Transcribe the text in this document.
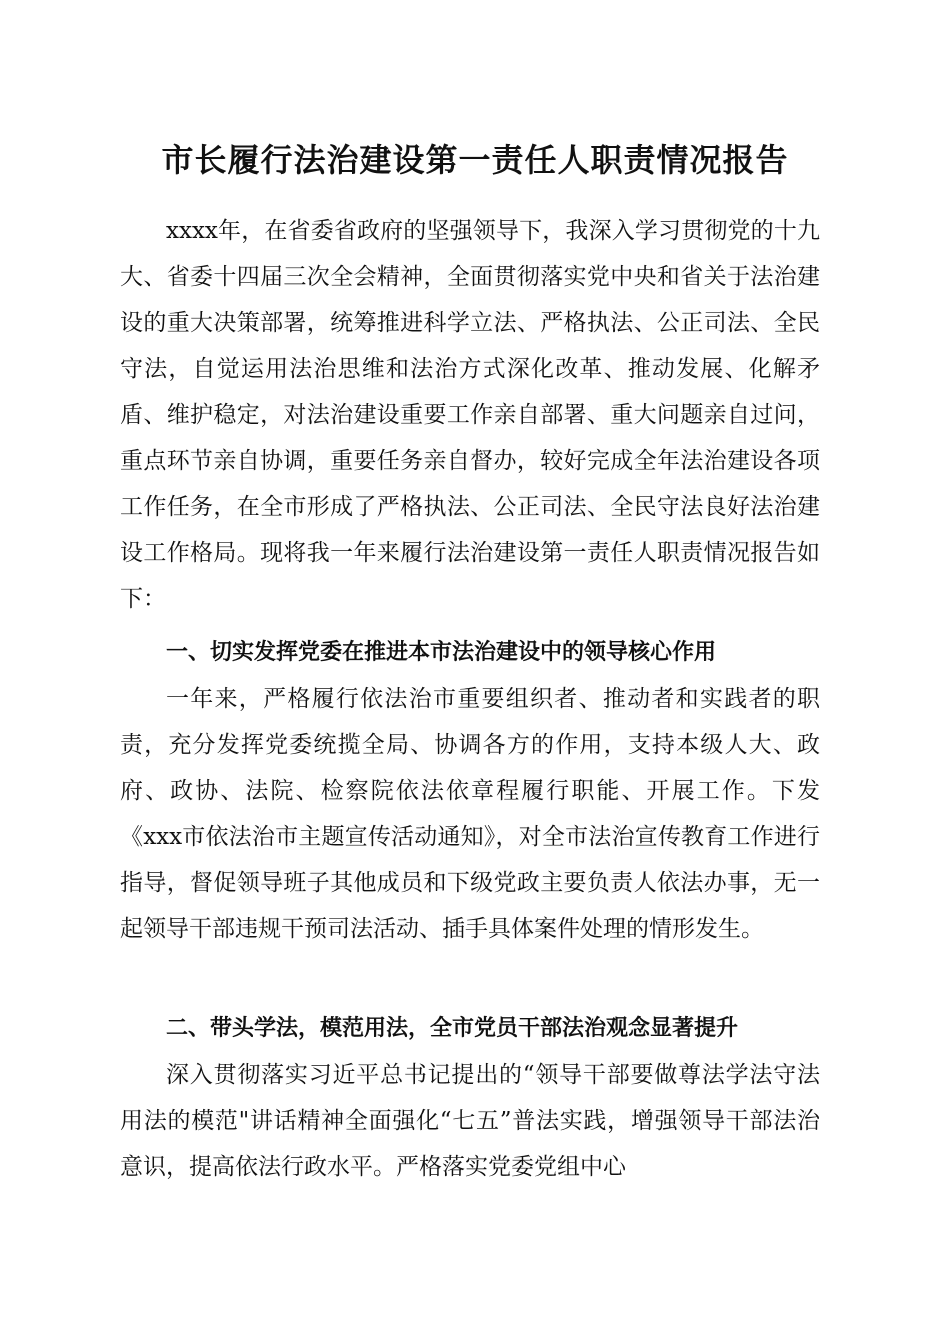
市长履行法治建设第一责任人职责情况报告

xxxx年，在省委省政府的坚强领导下，我深入学习贯彻党的十九大、省委十四届三次全会精神，全面贯彻落实党中央和省关于法治建设的重大决策部署，统筹推进科学立法、严格执法、公正司法、全民守法，自觉运用法治思维和法治方式深化改革、推动发展、化解矛盾、维护稳定，对法治建设重要工作亲自部署、重大问题亲自过问，重点环节亲自协调，重要任务亲自督办，较好完成全年法治建设各项工作任务，在全市形成了严格执法、公正司法、全民守法良好法治建设工作格局。现将我一年来履行法治建设第一责任人职责情况报告如下：

一、切实发挥党委在推进本市法治建设中的领导核心作用

一年来，严格履行依法治市重要组织者、推动者和实践者的职责，充分发挥党委统揽全局、协调各方的作用，支持本级人大、政府、政协、法院、检察院依法依章程履行职能、开展工作。下发《xxx市依法治市主题宣传活动通知》，对全市法治宣传教育工作进行指导，督促领导班子其他成员和下级党政主要负责人依法办事，无一起领导干部违规干预司法活动、插手具体案件处理的情形发生。

二、带头学法，模范用法，全市党员干部法治观念显著提升

深入贯彻落实习近平总书记提出的“领导干部要做尊法学法守法用法的模范"讲话精神全面强化“七五”普法实践，增强领导干部法治意识，提高依法行政水平。严格落实党委党组中心
